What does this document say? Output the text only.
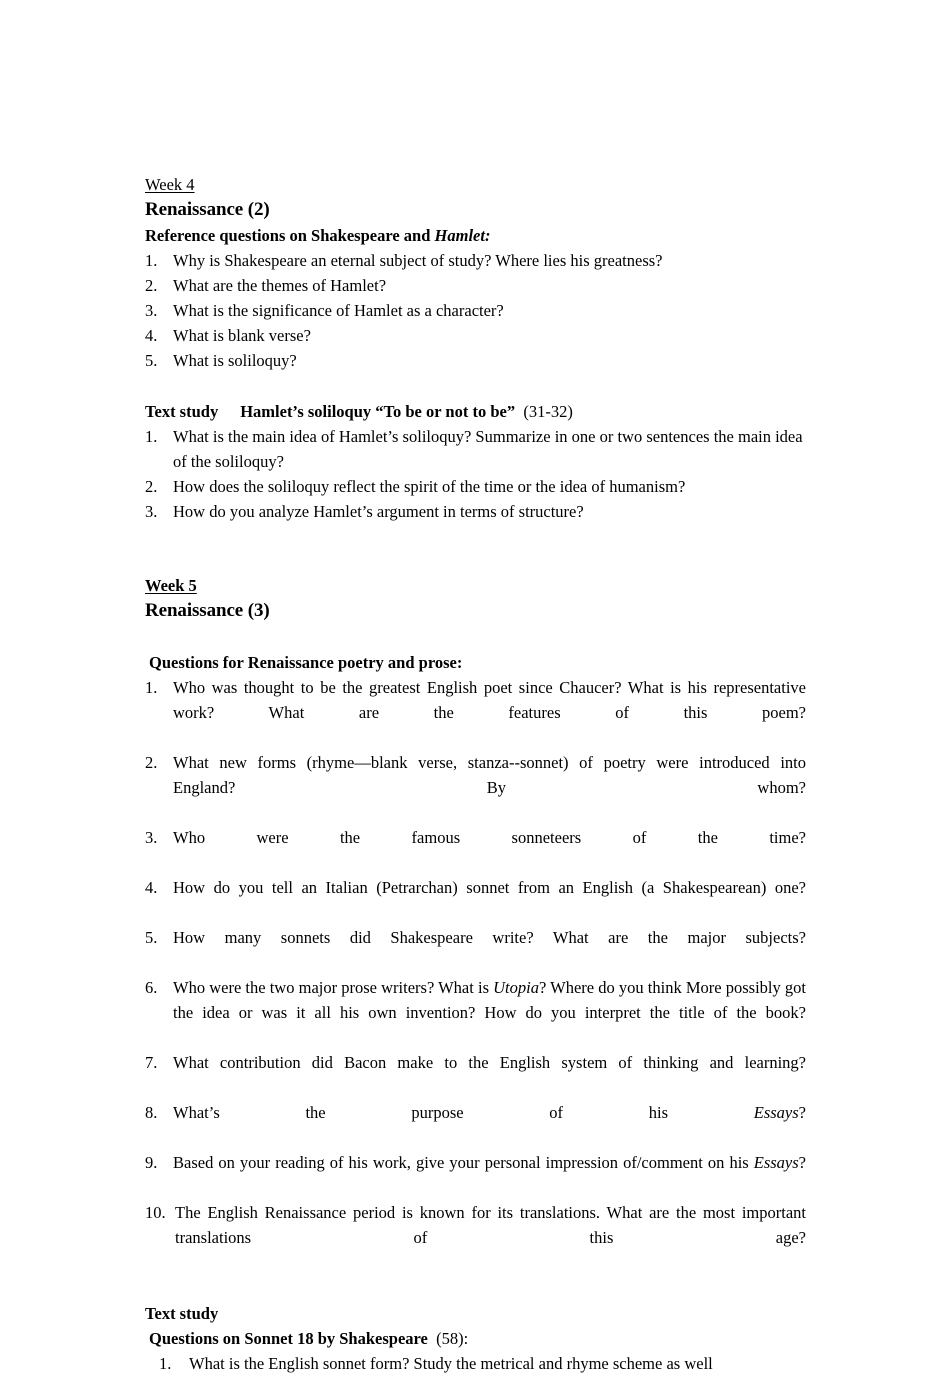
Week 4
Renaissance (2)
Reference questions on Shakespeare and Hamlet:
1. Why is Shakespeare an eternal subject of study? Where lies his greatness?
2. What are the themes of Hamlet?
3. What is the significance of Hamlet as a character?
4. What is blank verse?
5. What is soliloquy?
Text study Hamlet’s soliloquy “To be or not to be” (31-32)
1. What is the main idea of Hamlet’s soliloquy? Summarize in one or two sentences the main idea of the soliloquy?
2. How does the soliloquy reflect the spirit of the time or the idea of humanism?
3. How do you analyze Hamlet’s argument in terms of structure?
Week 5
Renaissance (3)
Questions for Renaissance poetry and prose:
1. Who was thought to be the greatest English poet since Chaucer? What is his representative work? What are the features of this poem?
2. What new forms (rhyme—blank verse, stanza--sonnet) of poetry were introduced into England? By whom?
3. Who were the famous sonneteers of the time?
4. How do you tell an Italian (Petrarchan) sonnet from an English (a Shakespearean) one?
5. How many sonnets did Shakespeare write? What are the major subjects?
6. Who were the two major prose writers? What is Utopia? Where do you think More possibly got the idea or was it all his own invention? How do you interpret the title of the book?
7. What contribution did Bacon make to the English system of thinking and learning?
8. What’s the purpose of his Essays?
9. Based on your reading of his work, give your personal impression of/comment on his Essays?
10. The English Renaissance period is known for its translations. What are the most important translations of this age?
Text study
Questions on Sonnet 18 by Shakespeare (58):
1.	What is the English sonnet form? Study the metrical and rhyme scheme as well
